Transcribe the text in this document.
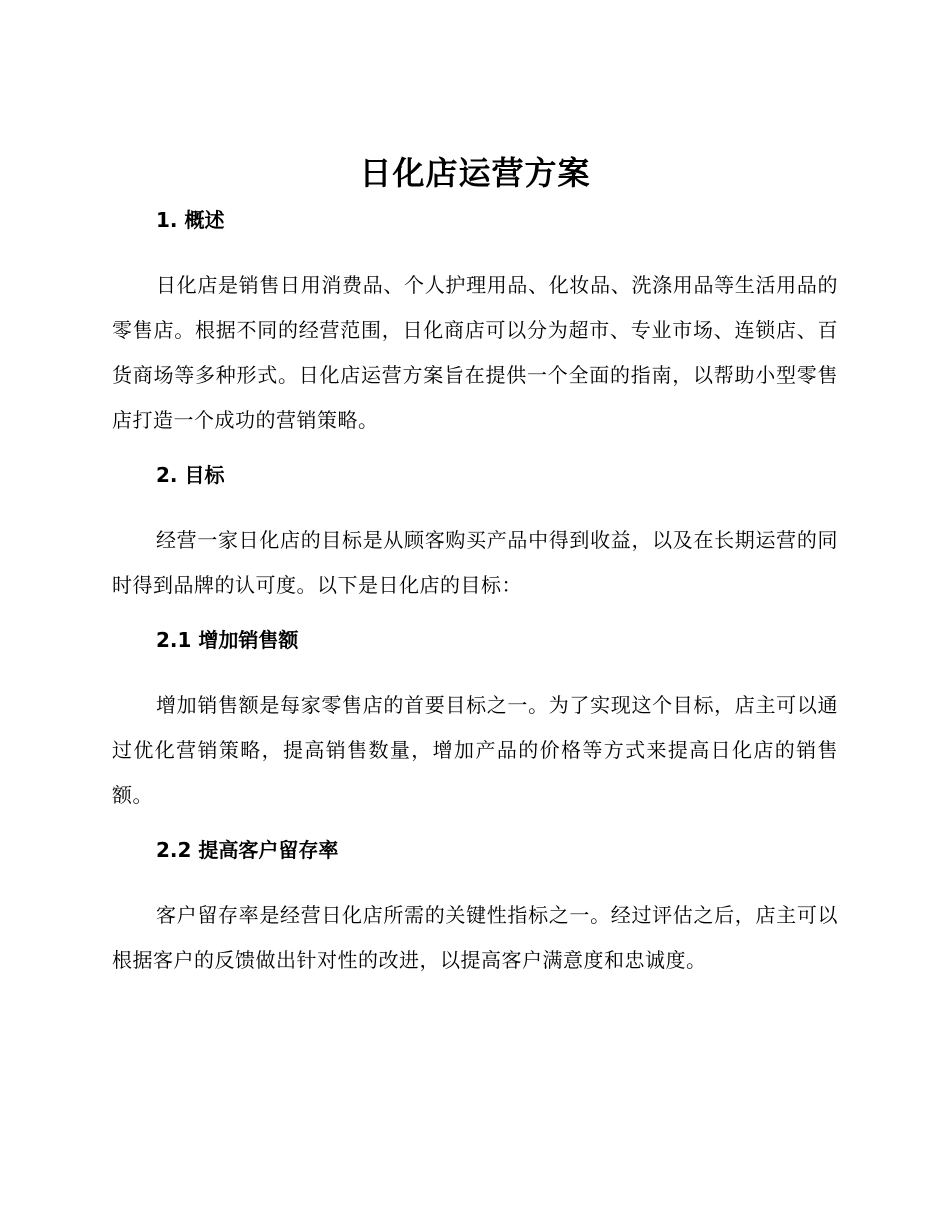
日化店运营方案
1. 概述

日化店是销售日用消费品、个人护理用品、化妆品、洗涤用品等生活用品的零售店。根据不同的经营范围，日化商店可以分为超市、专业市场、连锁店、百货商场等多种形式。日化店运营方案旨在提供一个全面的指南，以帮助小型零售店打造一个成功的营销策略。

2. 目标

经营一家日化店的目标是从顾客购买产品中得到收益，以及在长期运营的同时得到品牌的认可度。以下是日化店的目标：

2.1 增加销售额

增加销售额是每家零售店的首要目标之一。为了实现这个目标，店主可以通过优化营销策略，提高销售数量，增加产品的价格等方式来提高日化店的销售额。

2.2 提高客户留存率

客户留存率是经营日化店所需的关键性指标之一。经过评估之后，店主可以根据客户的反馈做出针对性的改进，以提高客户满意度和忠诚度。
